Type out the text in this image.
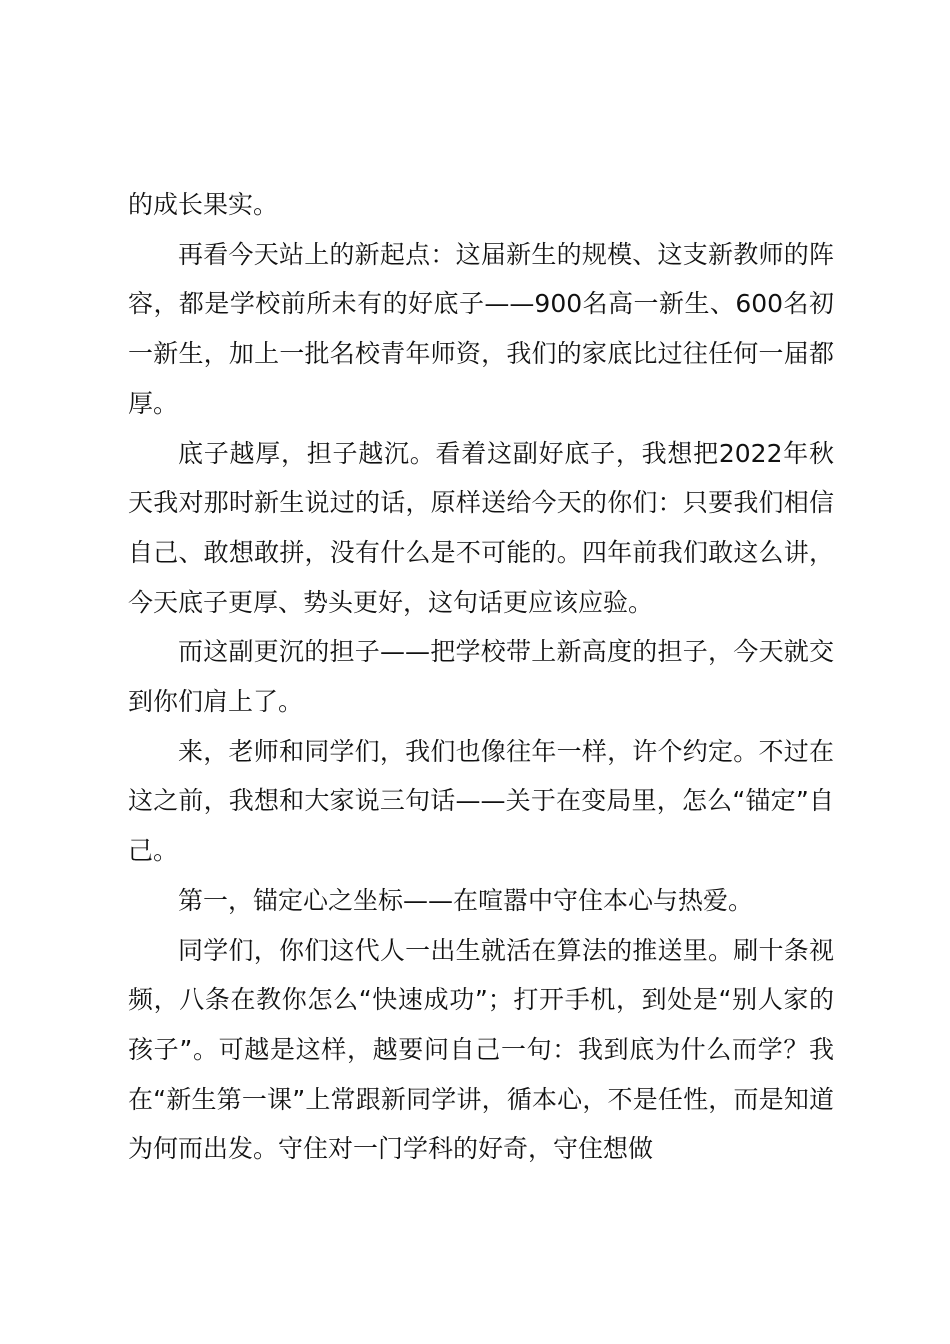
的成长果实。

再看今天站上的新起点：这届新生的规模、这支新教师的阵容，都是学校前所未有的好底子——900名高一新生、600名初一新生，加上一批名校青年师资，我们的家底比过往任何一届都厚。

底子越厚，担子越沉。看着这副好底子，我想把2022年秋天我对那时新生说过的话，原样送给今天的你们：只要我们相信自己、敢想敢拼，没有什么是不可能的。四年前我们敢这么讲，今天底子更厚、势头更好，这句话更应该应验。

而这副更沉的担子——把学校带上新高度的担子，今天就交到你们肩上了。

来，老师和同学们，我们也像往年一样，许个约定。不过在这之前，我想和大家说三句话——关于在变局里，怎么“锚定”自己。

第一，锚定心之坐标——在喧嚣中守住本心与热爱。

同学们，你们这代人一出生就活在算法的推送里。刷十条视频，八条在教你怎么“快速成功”；打开手机，到处是“别人家的孩子”。可越是这样，越要问自己一句：我到底为什么而学？我在“新生第一课”上常跟新同学讲，循本心，不是任性，而是知道为何而出发。守住对一门学科的好奇，守住想做
